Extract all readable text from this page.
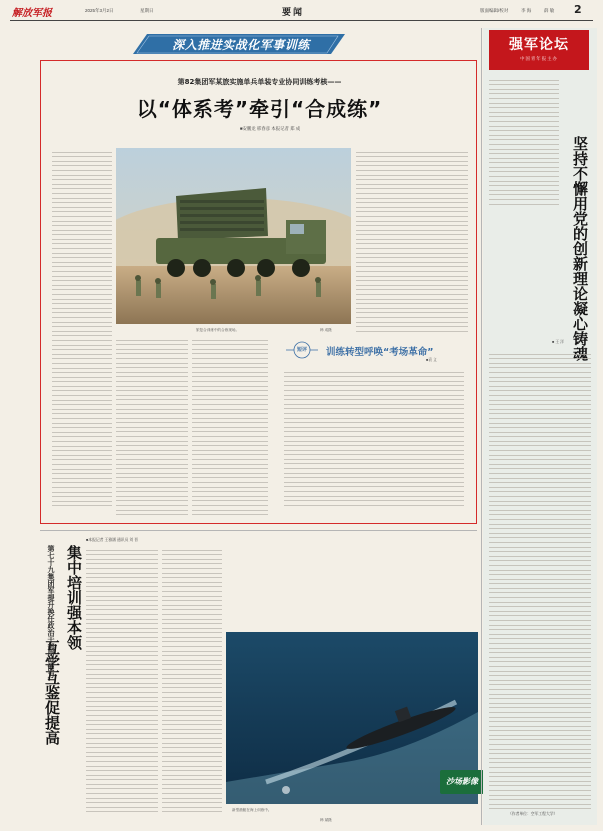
解放军报	2025年3月2日	星期日	要闻	版面编辑/校对	李 海	薛 敏 2
深入推进实战化军事训练
第82集团军某旅实施单兵单装专业协同训练考核——
以“体系考”牵引“合成练”
■安鹏龙 邢春彦 本报记者 郑 成
旅复合训练中的合练现场。	韩 成摄
短评	训练转型呼唤“考场革命”
■袁 义
集中培训强本领
互学互鉴促提高
第七十九集团军提升换任政治干部岗位能力
■本报记者 王雅涵 通讯员 刘 晋
新型潜艇在海上训练中。
韩 斌摄
沙场影像
强军论坛
中国青年报主办
坚持不懈用党的创新理论凝心铸魂
■ 王 洋
（作者单位：空军工程大学）
